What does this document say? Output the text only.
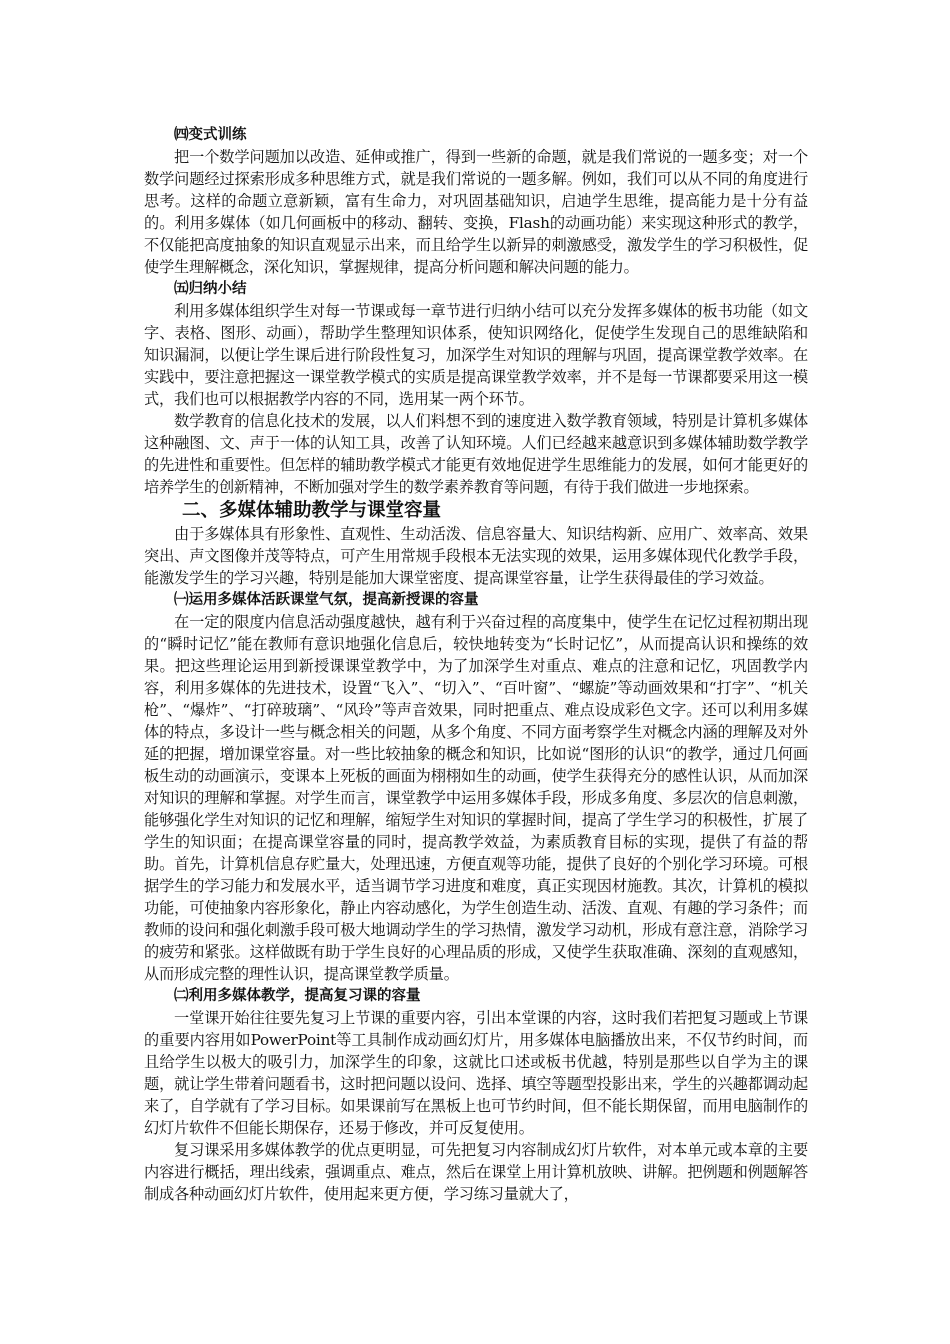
㈣变式训练
把一个数学问题加以改造、延伸或推广，得到一些新的命题，就是我们常说的一题多变；对一个数学问题经过探索形成多种思维方式，就是我们常说的一题多解。例如，我们可以从不同的角度进行思考。这样的命题立意新颖，富有生命力，对巩固基础知识，启迪学生思维，提高能力是十分有益的。利用多媒体（如几何画板中的移动、翻转、变换，Flash的动画功能）来实现这种形式的教学，不仅能把高度抽象的知识直观显示出来，而且给学生以新异的刺激感受，激发学生的学习积极性，促使学生理解概念，深化知识，掌握规律，提高分析问题和解决问题的能力。
㈤归纳小结
利用多媒体组织学生对每一节课或每一章节进行归纳小结可以充分发挥多媒体的板书功能（如文字、表格、图形、动画），帮助学生整理知识体系，使知识网络化，促使学生发现自己的思维缺陷和知识漏洞，以便让学生课后进行阶段性复习，加深学生对知识的理解与巩固，提高课堂教学效率。在实践中，要注意把握这一课堂教学模式的实质是提高课堂教学效率，并不是每一节课都要采用这一模式，我们也可以根据教学内容的不同，选用某一两个环节。
数学教育的信息化技术的发展，以人们料想不到的速度进入数学教育领域，特别是计算机多媒体这种融图、文、声于一体的认知工具，改善了认知环境。人们已经越来越意识到多媒体辅助数学教学的先进性和重要性。但怎样的辅助教学模式才能更有效地促进学生思维能力的发展，如何才能更好的培养学生的创新精神，不断加强对学生的数学素养教育等问题，有待于我们做进一步地探索。
二、多媒体辅助教学与课堂容量
由于多媒体具有形象性、直观性、生动活泼、信息容量大、知识结构新、应用广、效率高、效果突出、声文图像并茂等特点，可产生用常规手段根本无法实现的效果，运用多媒体现代化教学手段，能激发学生的学习兴趣，特别是能加大课堂密度、提高课堂容量，让学生获得最佳的学习效益。
㈠运用多媒体活跃课堂气氛，提高新授课的容量
在一定的限度内信息活动强度越快，越有利于兴奋过程的高度集中，使学生在记忆过程初期出现的“瞬时记忆”能在教师有意识地强化信息后，较快地转变为“长时记忆”，从而提高认识和操练的效果。把这些理论运用到新授课课堂教学中，为了加深学生对重点、难点的注意和记忆，巩固教学内容，利用多媒体的先进技术，设置“飞入”、“切入”、“百叶窗”、“螺旋”等动画效果和“打字”、“机关枪”、“爆炸”、“打碎玻璃”、“风玲”等声音效果，同时把重点、难点设成彩色文字。还可以利用多媒体的特点，多设计一些与概念相关的问题，从多个角度、不同方面考察学生对概念内涵的理解及对外延的把握，增加课堂容量。对一些比较抽象的概念和知识，比如说“图形的认识“的教学，通过几何画板生动的动画演示，变课本上死板的画面为栩栩如生的动画，使学生获得充分的感性认识，从而加深对知识的理解和掌握。对学生而言，课堂教学中运用多媒体手段，形成多角度、多层次的信息刺激，能够强化学生对知识的记忆和理解，缩短学生对知识的掌握时间，提高了学生学习的积极性，扩展了学生的知识面；在提高课堂容量的同时，提高教学效益，为素质教育目标的实现，提供了有益的帮助。首先，计算机信息存贮量大，处理迅速，方便直观等功能，提供了良好的个别化学习环境。可根据学生的学习能力和发展水平，适当调节学习进度和难度，真正实现因材施教。其次，计算机的模拟功能，可使抽象内容形象化，静止内容动感化，为学生创造生动、活泼、直观、有趣的学习条件；而教师的设问和强化刺激手段可极大地调动学生的学习热情，激发学习动机，形成有意注意，消除学习的疲劳和紧张。这样做既有助于学生良好的心理品质的形成，又使学生获取准确、深刻的直观感知，从而形成完整的理性认识，提高课堂教学质量。
㈡利用多媒体教学，提高复习课的容量
一堂课开始往往要先复习上节课的重要内容，引出本堂课的内容，这时我们若把复习题或上节课的重要内容用如PowerPoint等工具制作成动画幻灯片，用多媒体电脑播放出来，不仅节约时间，而且给学生以极大的吸引力，加深学生的印象，这就比口述或板书优越，特别是那些以自学为主的课题，就让学生带着问题看书，这时把问题以设问、选择、填空等题型投影出来，学生的兴趣都调动起来了，自学就有了学习目标。如果课前写在黑板上也可节约时间，但不能长期保留，而用电脑制作的幻灯片软件不但能长期保存，还易于修改，并可反复使用。
复习课采用多媒体教学的优点更明显，可先把复习内容制成幻灯片软件，对本单元或本章的主要内容进行概括，理出线索，强调重点、难点，然后在课堂上用计算机放映、讲解。把例题和例题解答制成各种动画幻灯片软件，使用起来更方便，学习练习量就大了，
